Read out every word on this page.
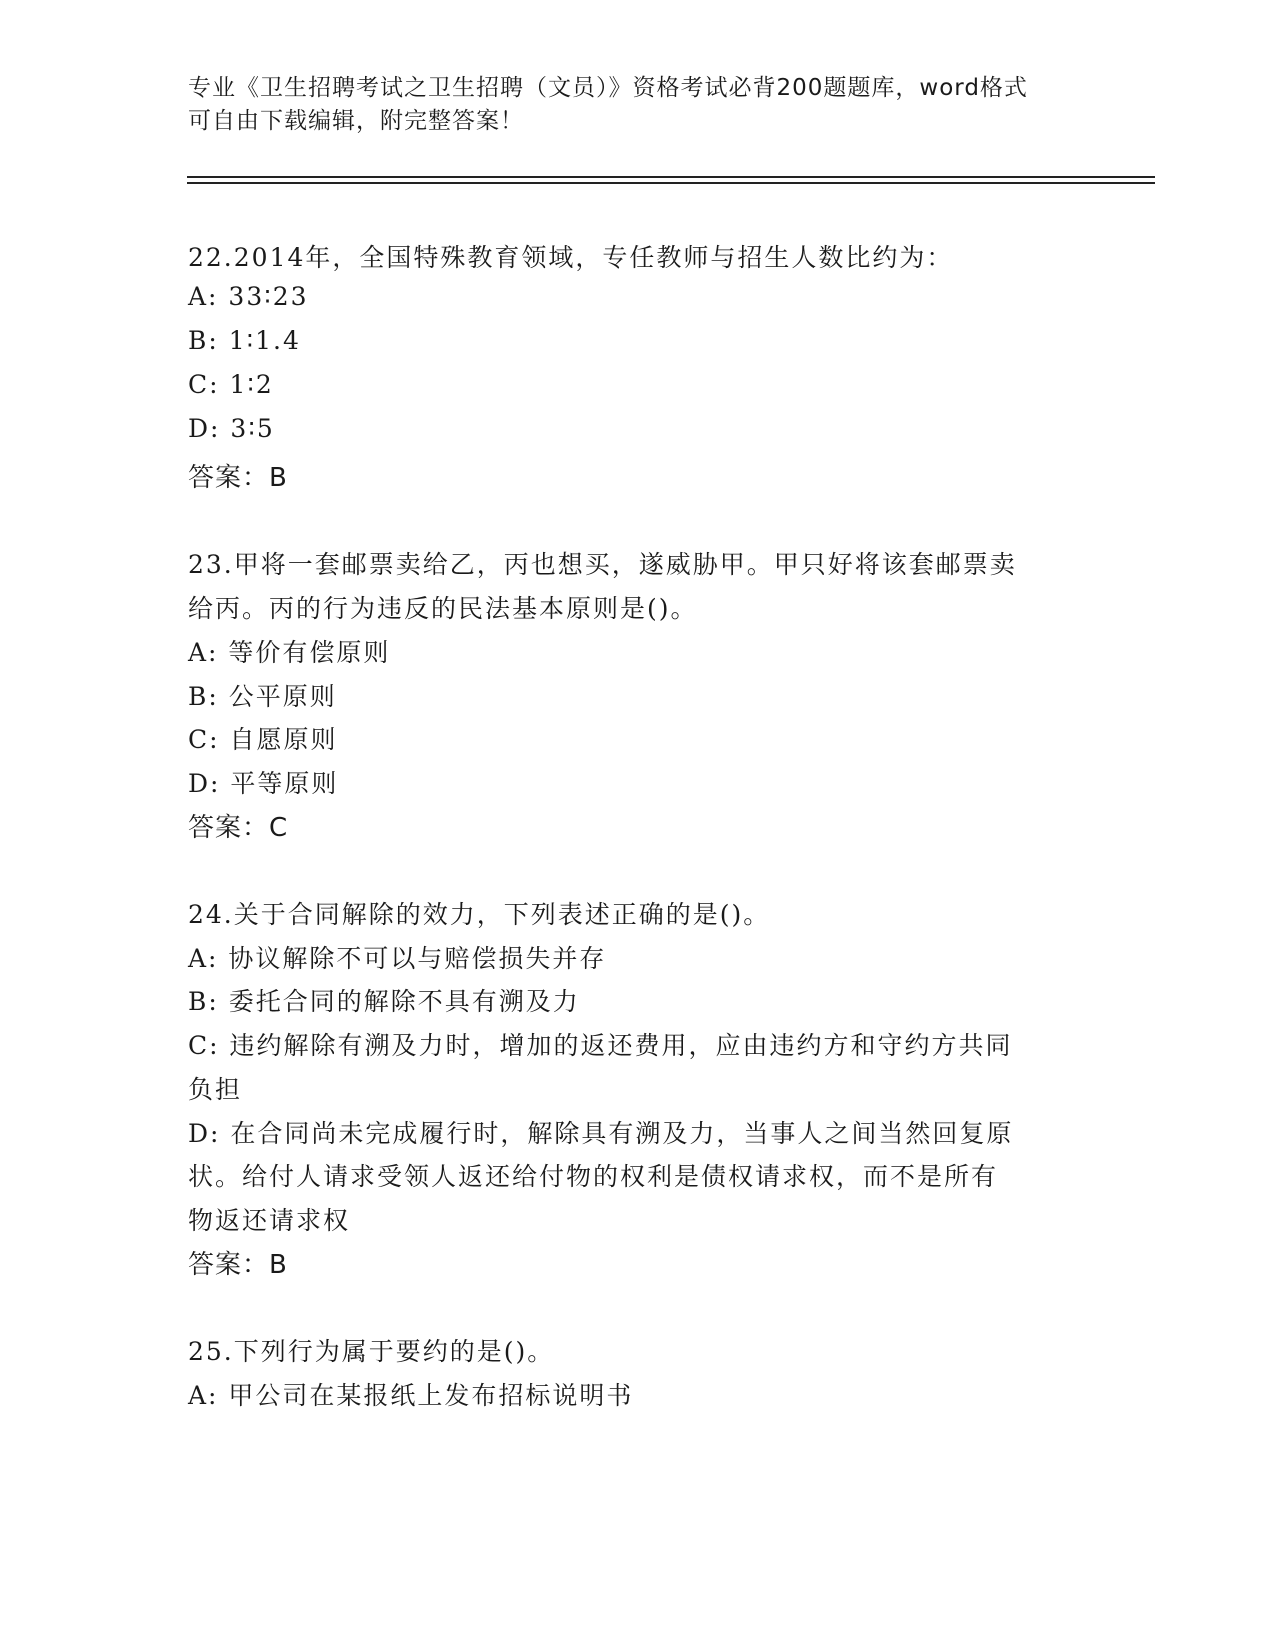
专业《卫生招聘考试之卫生招聘（文员）》资格考试必背200题题库，word格式
可自由下载编辑，附完整答案！
22.2014年，全国特殊教育领域，专任教师与招生人数比约为：
A: 33∶23
B: 1∶1.4
C: 1∶2
D: 3∶5
答案：B
23.甲将一套邮票卖给乙，丙也想买，遂威胁甲。甲只好将该套邮票卖
给丙。丙的行为违反的民法基本原则是()。
A: 等价有偿原则
B: 公平原则
C: 自愿原则
D: 平等原则
答案：C
24.关于合同解除的效力，下列表述正确的是()。
A: 协议解除不可以与赔偿损失并存
B: 委托合同的解除不具有溯及力
C: 违约解除有溯及力时，增加的返还费用，应由违约方和守约方共同
负担
D: 在合同尚未完成履行时，解除具有溯及力，当事人之间当然回复原
状。给付人请求受领人返还给付物的权利是债权请求权，而不是所有
物返还请求权
答案：B
25.下列行为属于要约的是()。
A: 甲公司在某报纸上发布招标说明书
